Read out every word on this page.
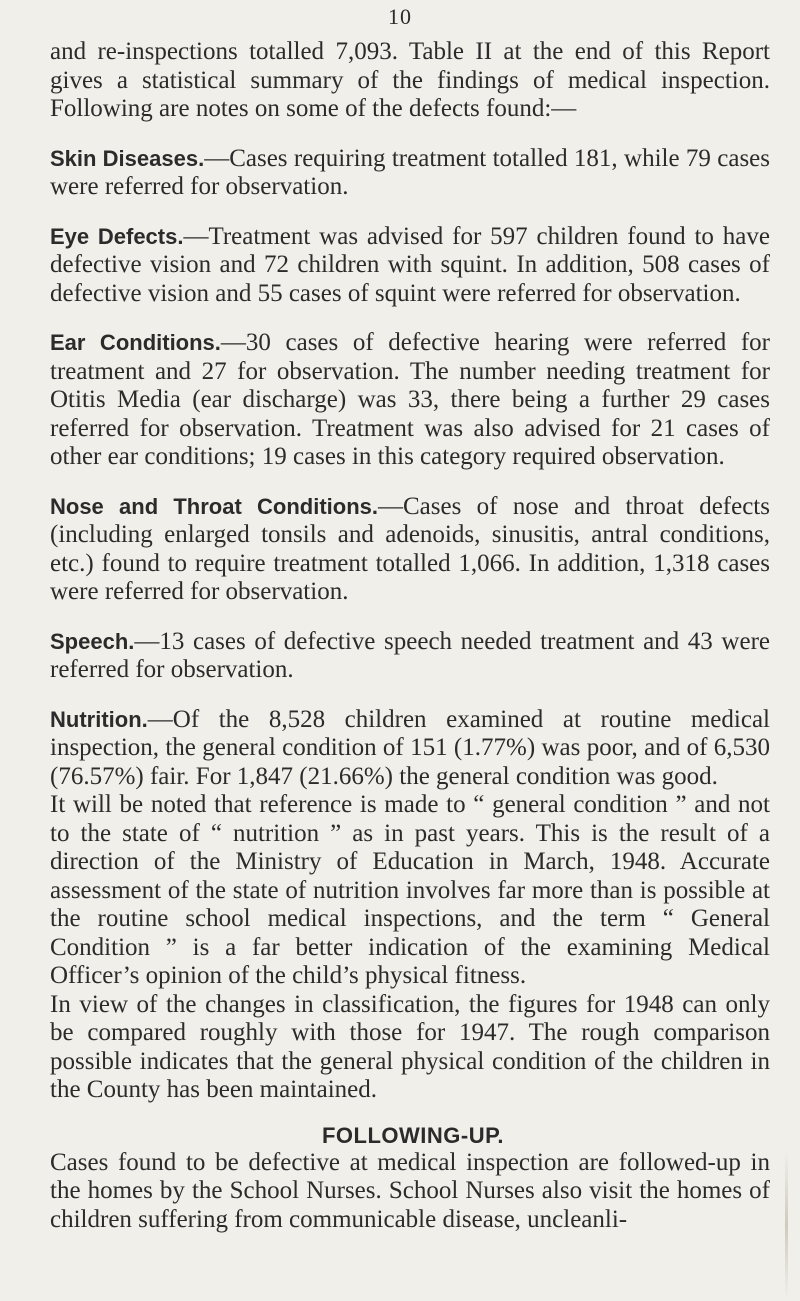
10

and re-inspections totalled 7,093. Table II at the end of this Report gives a statistical summary of the findings of medical inspection. Following are notes on some of the defects found:—

Skin Diseases.—Cases requiring treatment totalled 181, while 79 cases were referred for observation.

Eye Defects.—Treatment was advised for 597 children found to have defective vision and 72 children with squint. In addition, 508 cases of defective vision and 55 cases of squint were referred for observation.

Ear Conditions.—30 cases of defective hearing were referred for treatment and 27 for observation. The number needing treatment for Otitis Media (ear discharge) was 33, there being a further 29 cases referred for observation. Treatment was also advised for 21 cases of other ear conditions; 19 cases in this category required observation.

Nose and Throat Conditions.—Cases of nose and throat defects (including enlarged tonsils and adenoids, sinusitis, antral conditions, etc.) found to require treatment totalled 1,066. In addition, 1,318 cases were referred for observation.

Speech.—13 cases of defective speech needed treatment and 43 were referred for observation.

Nutrition.—Of the 8,528 children examined at routine medical inspection, the general condition of 151 (1.77%) was poor, and of 6,530 (76.57%) fair. For 1,847 (21.66%) the general condition was good.

It will be noted that reference is made to “ general condition ” and not to the state of “ nutrition ” as in past years. This is the result of a direction of the Ministry of Education in March, 1948. Accurate assessment of the state of nutrition involves far more than is possible at the routine school medical inspections, and the term “ General Condition ” is a far better indication of the examining Medical Officer’s opinion of the child’s physical fitness.

In view of the changes in classification, the figures for 1948 can only be compared roughly with those for 1947. The rough comparison possible indicates that the general physical condition of the children in the County has been maintained.

FOLLOWING-UP.

Cases found to be defective at medical inspection are followed-up in the homes by the School Nurses. School Nurses also visit the homes of children suffering from communicable disease, uncleanli-
